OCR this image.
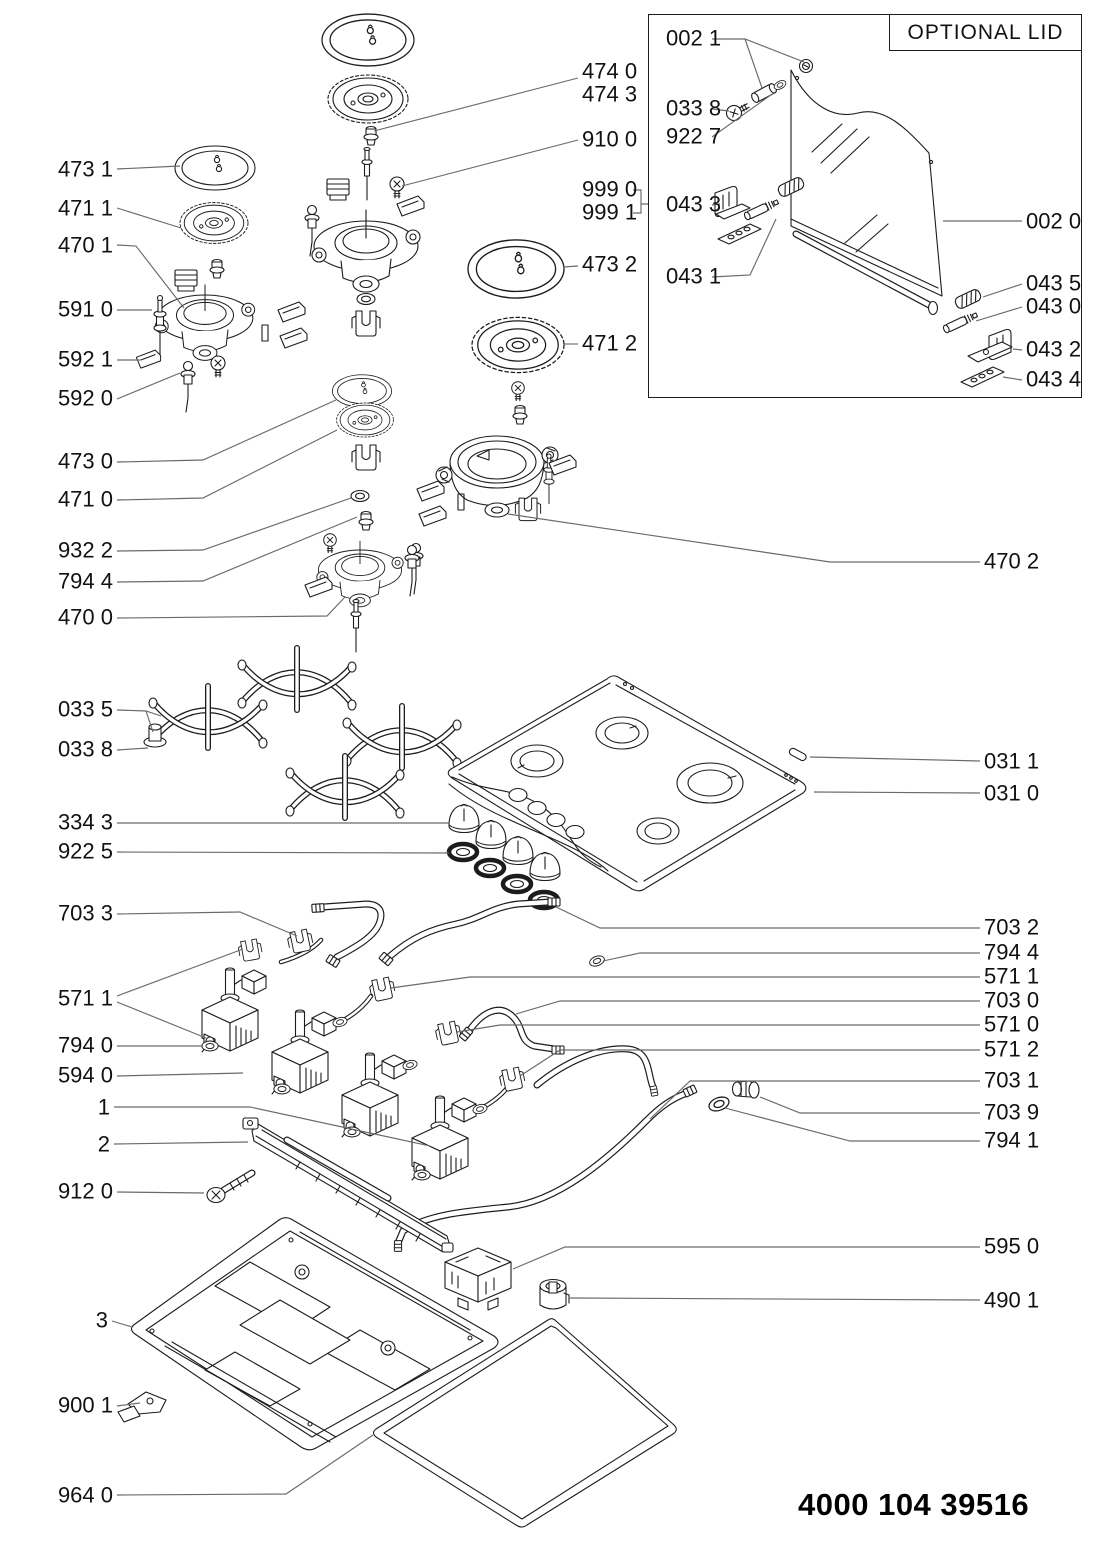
OPTIONAL LID
473 1
471 1
470 1
591 0
592 1
592 0
473 0
471 0
932 2
794 4
470 0
033 5
033 8
334 3
922 5
703 3
571 1
794 0
594 0
1
2
912 0
3
900 1
964 0
474 0
474 3
910 0
999 0
999 1
473 2
471 2
470 2
031 1
031 0
703 2
794 4
571 1
703 0
571 0
571 2
703 1
703 9
794 1
595 0
490 1
002 1
033 8
922 7
043 3
043 1
002 0
043 5
043 0
043 2
043 4
4000 104 39516
